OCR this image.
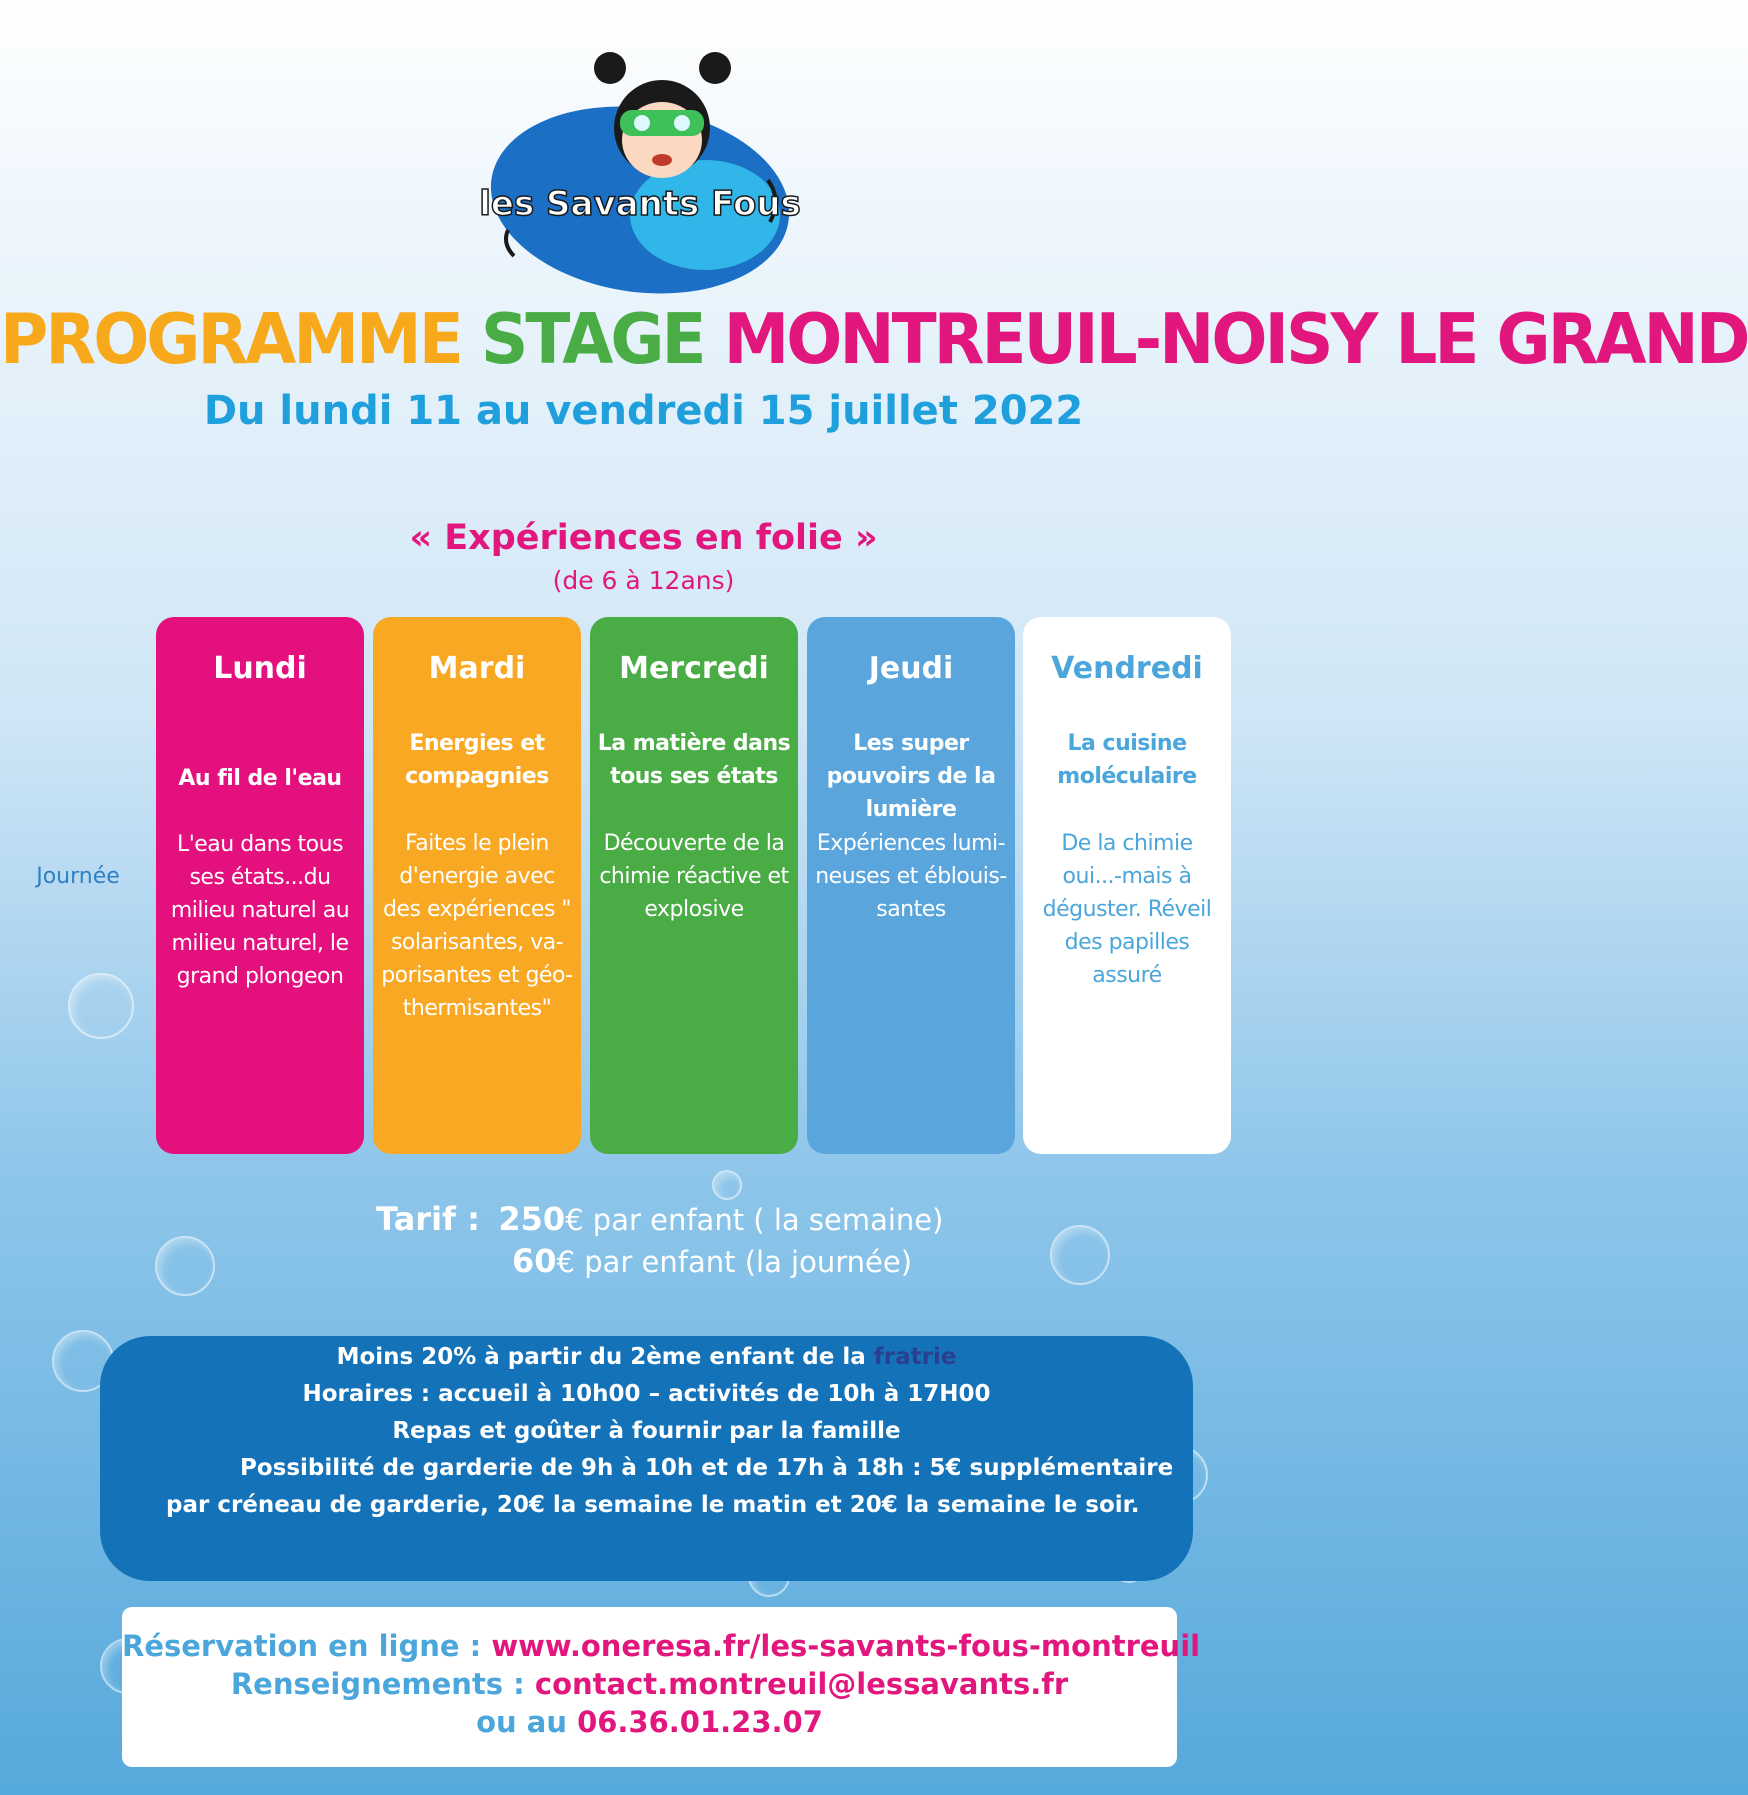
les Savants Fous
PROGRAMME STAGE MONTREUIL-NOISY LE GRAND
Du lundi 11 au vendredi 15 juillet 2022
« Expériences en folie »
(de 6 à 12ans)
Journée
Lundi
Au fil de l'eau
L'eau dans tous ses états...du milieu naturel au milieu naturel, le grand plongeon
Mardi
Energies et compagnies
Faites le plein d'energie avec des expériences " solarisantes, va-porisantes et géo-thermisantes"
Mercredi
La matière dans tous ses états
Découverte de la chimie réactive et explosive
Jeudi
Les super pouvoirs de la lumière
Expériences lumi-neuses et éblouis-santes
Vendredi
La cuisine moléculaire
De la chimie oui...-mais à déguster. Réveil des papilles assuré
Tarif : 250€ par enfant ( la semaine)
60€ par enfant (la journée)
Moins 20% à partir du 2ème enfant de la fratrie
Horaires : accueil à 10h00 – activités de 10h à 17H00
Repas et goûter à fournir par la famille
Possibilité de garderie de 9h à 10h et de 17h à 18h : 5€ supplémentaire
par créneau de garderie, 20€ la semaine le matin et 20€ la semaine le soir.
Réservation en ligne : www.oneresa.fr/les-savants-fous-montreuil
Renseignements : contact.montreuil@lessavants.fr
ou au 06.36.01.23.07
